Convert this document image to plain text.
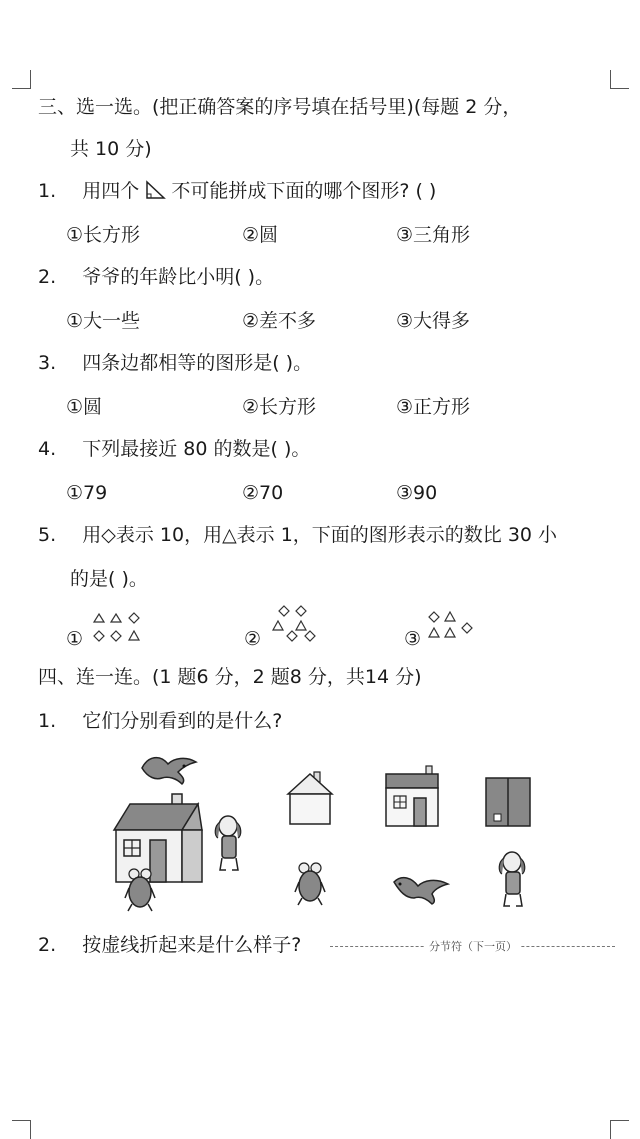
三、选一选。(把正确答案的序号填在括号里)(每题 2 分，
共 10 分)
1. 用四个 不可能拼成下面的哪个图形? ( )
①长方形	②圆	③三角形
2. 爷爷的年龄比小明( )。
①大一些	②差不多	③大得多
3. 四条边都相等的图形是( )。
①圆	②长方形	③正方形
4. 下列最接近 80 的数是( )。
①79	②70	③90
5. 用◇表示 10，用△表示 1，下面的图形表示的数比 30 小
的是( )。
①	②	③
四、连一连。(1 题6 分，2 题8 分，共14 分)
1. 它们分别看到的是什么?
2. 按虚线折起来是什么样子?	分节符（下一页）
